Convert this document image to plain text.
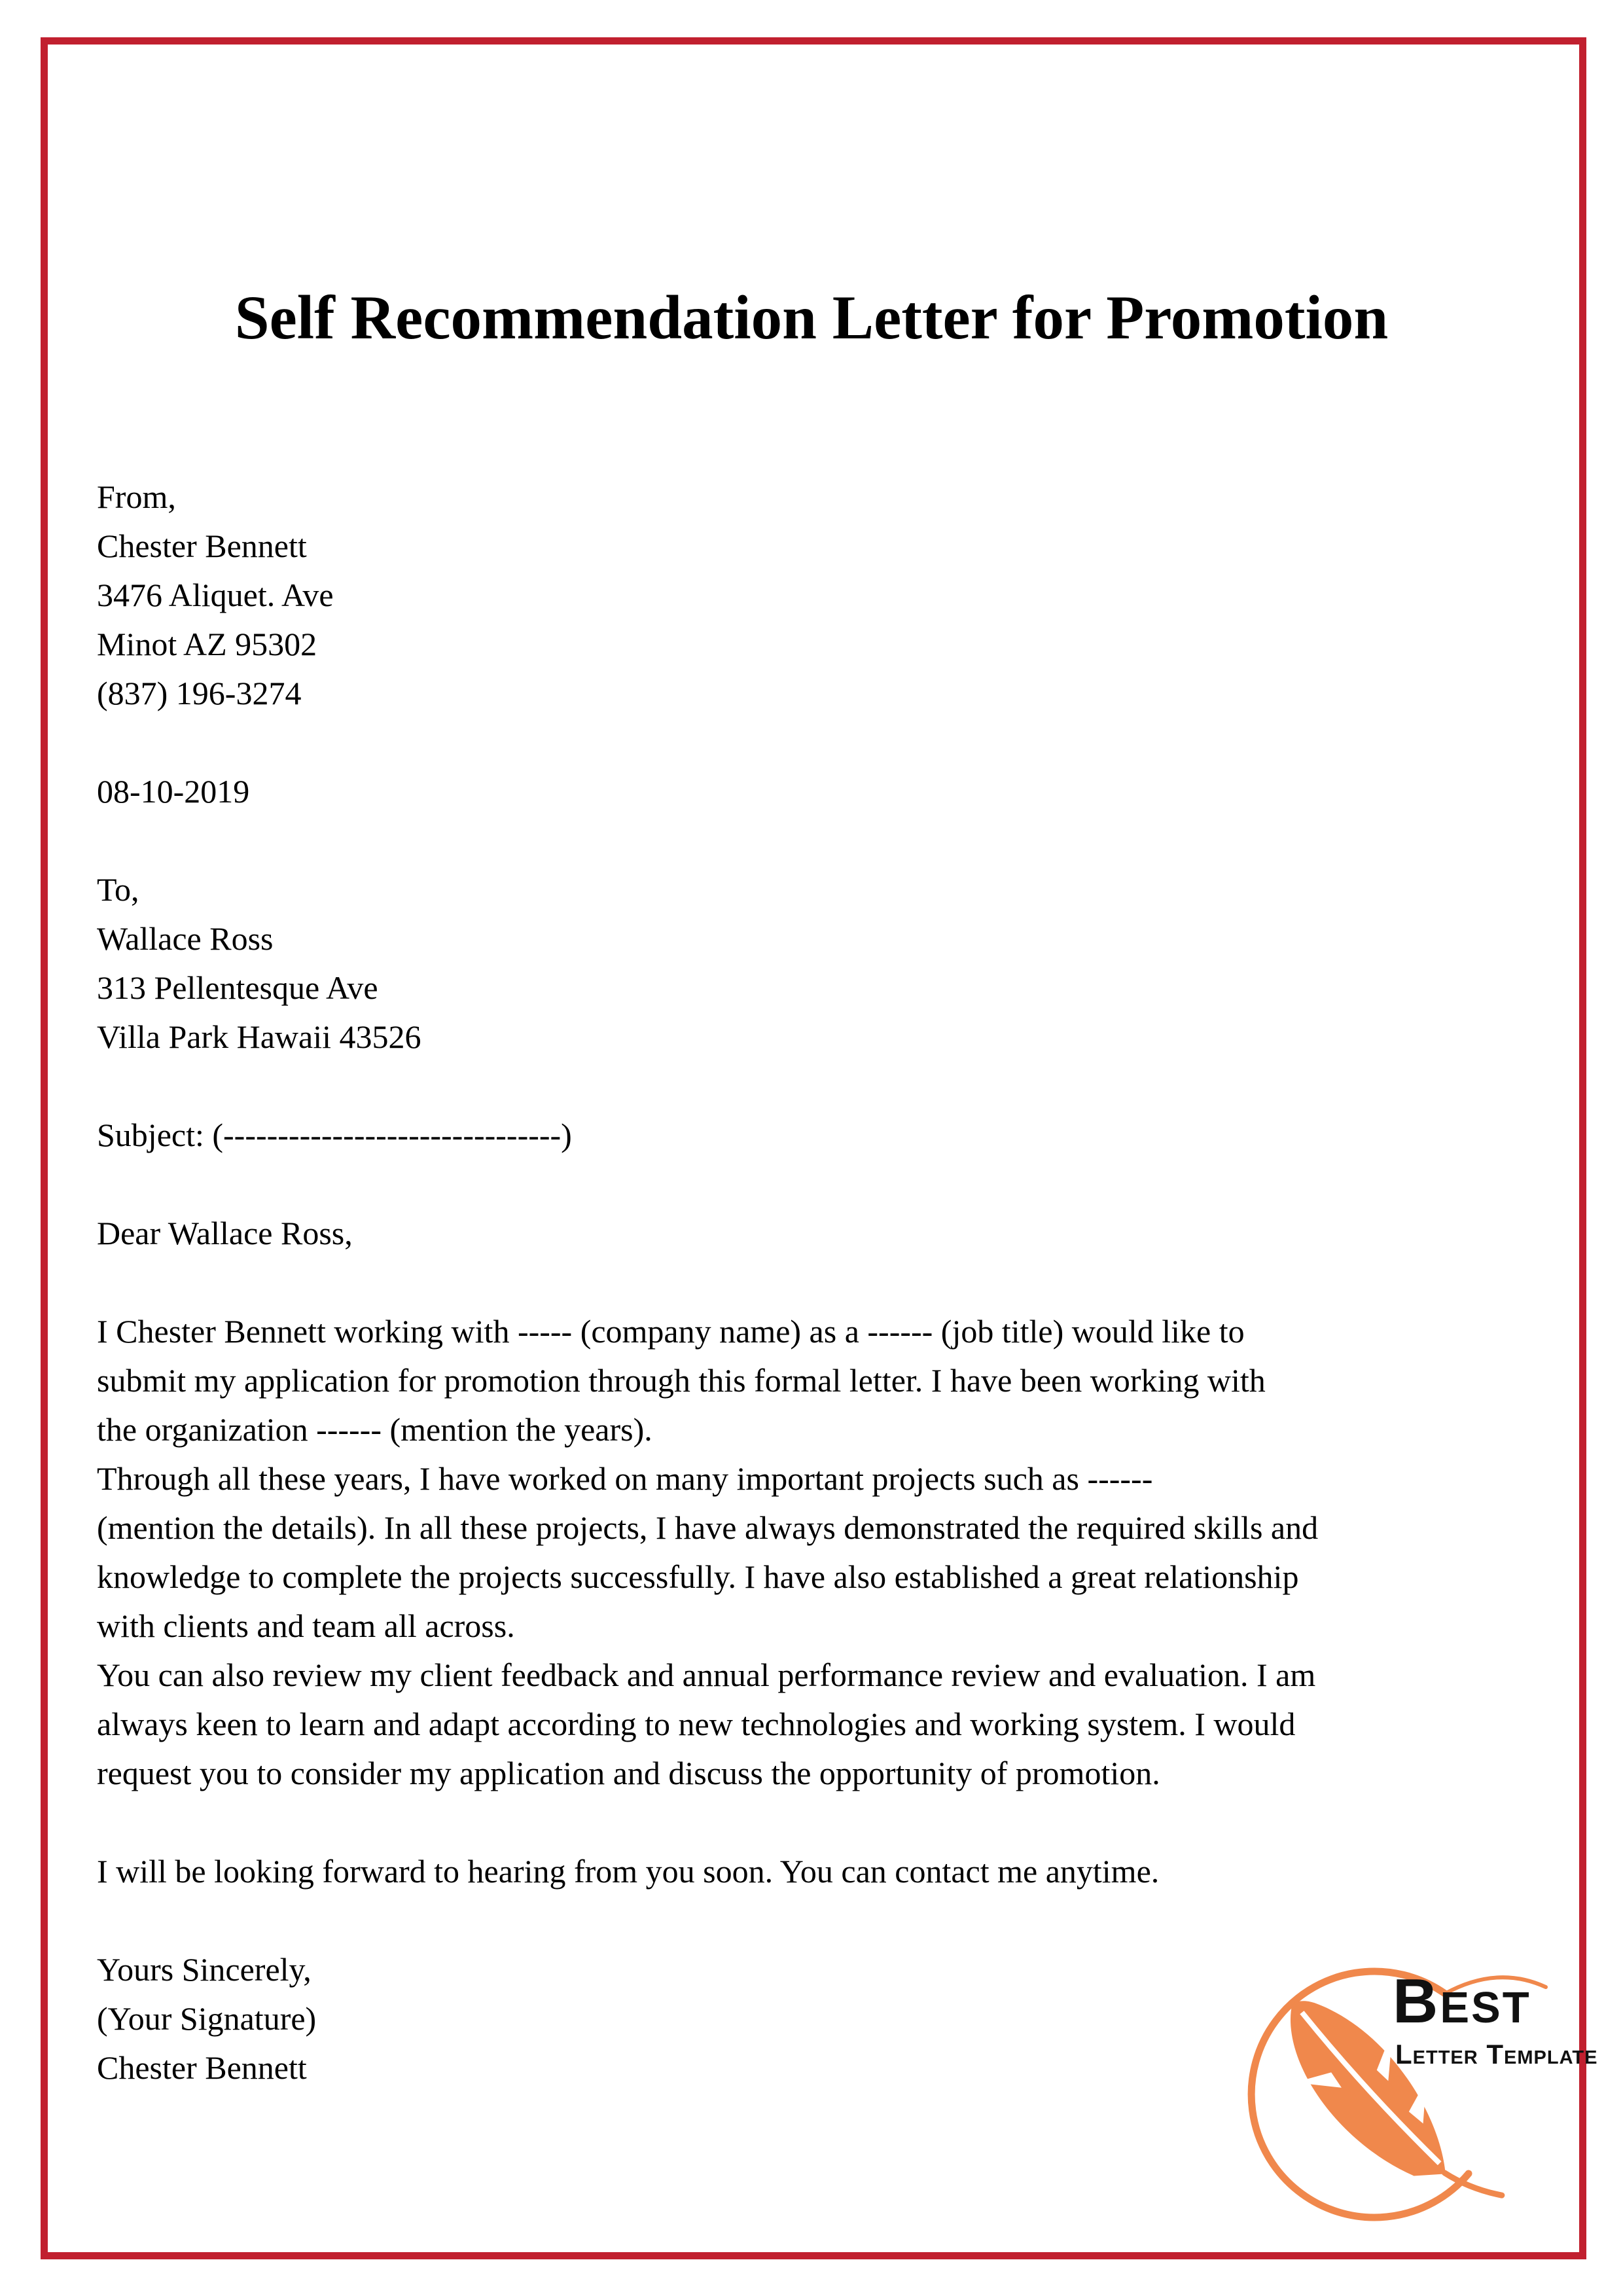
Self Recommendation Letter for Promotion
From,
Chester Bennett
3476 Aliquet. Ave
Minot AZ 95302
(837) 196-3274
08-10-2019
To,
Wallace Ross
313 Pellentesque Ave
Villa Park Hawaii 43526
Subject: (-------------------------------)
Dear Wallace Ross,
I Chester Bennett working with ----- (company name) as a ------ (job title) would like to
submit my application for promotion through this formal letter. I have been working with
the organization ------ (mention the years).
Through all these years, I have worked on many important projects such as ------
(mention the details). In all these projects, I have always demonstrated the required skills and
knowledge to complete the projects successfully. I have also established a great relationship
with clients and team all across.
You can also review my client feedback and annual performance review and evaluation. I am
always keen to learn and adapt according to new technologies and working system. I would
request you to consider my application and discuss the opportunity of promotion.
I will be looking forward to hearing from you soon. You can contact me anytime.
Yours Sincerely,
(Your Signature)
Chester Bennett
Best
Letter Template
